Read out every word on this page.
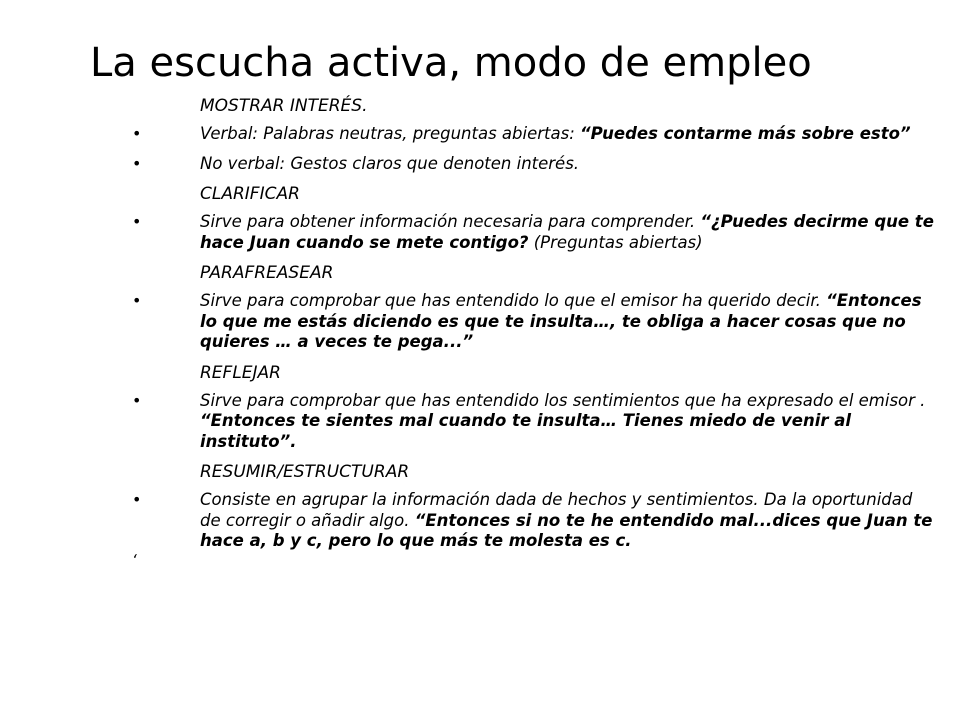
La escucha activa, modo de empleo
MOSTRAR INTERÉS.
•	Verbal: Palabras neutras, preguntas abiertas: “Puedes contarme más sobre esto”
•	No verbal: Gestos claros que denoten interés.
CLARIFICAR
•	Sirve para obtener información necesaria para comprender. “¿Puedes decirme que te hace Juan cuando se mete contigo? (Preguntas abiertas)
PARAFREASEAR
•	Sirve para comprobar que has entendido lo que el emisor ha querido decir. “Entonces lo que me estás diciendo es que te insulta…, te obliga a hacer cosas que no quieres … a veces te pega...”
REFLEJAR
•	Sirve para comprobar que has entendido los sentimientos que ha expresado el emisor . “Entonces te sientes mal cuando te insulta… Tienes miedo de venir al instituto”.
RESUMIR/ESTRUCTURAR
•	Consiste en agrupar la información dada de hechos y sentimientos. Da la oportunidad de corregir o añadir algo. “Entonces si no te he entendido mal...dices que Juan te hace a, b y c, pero lo que más te molesta es c.
‘
